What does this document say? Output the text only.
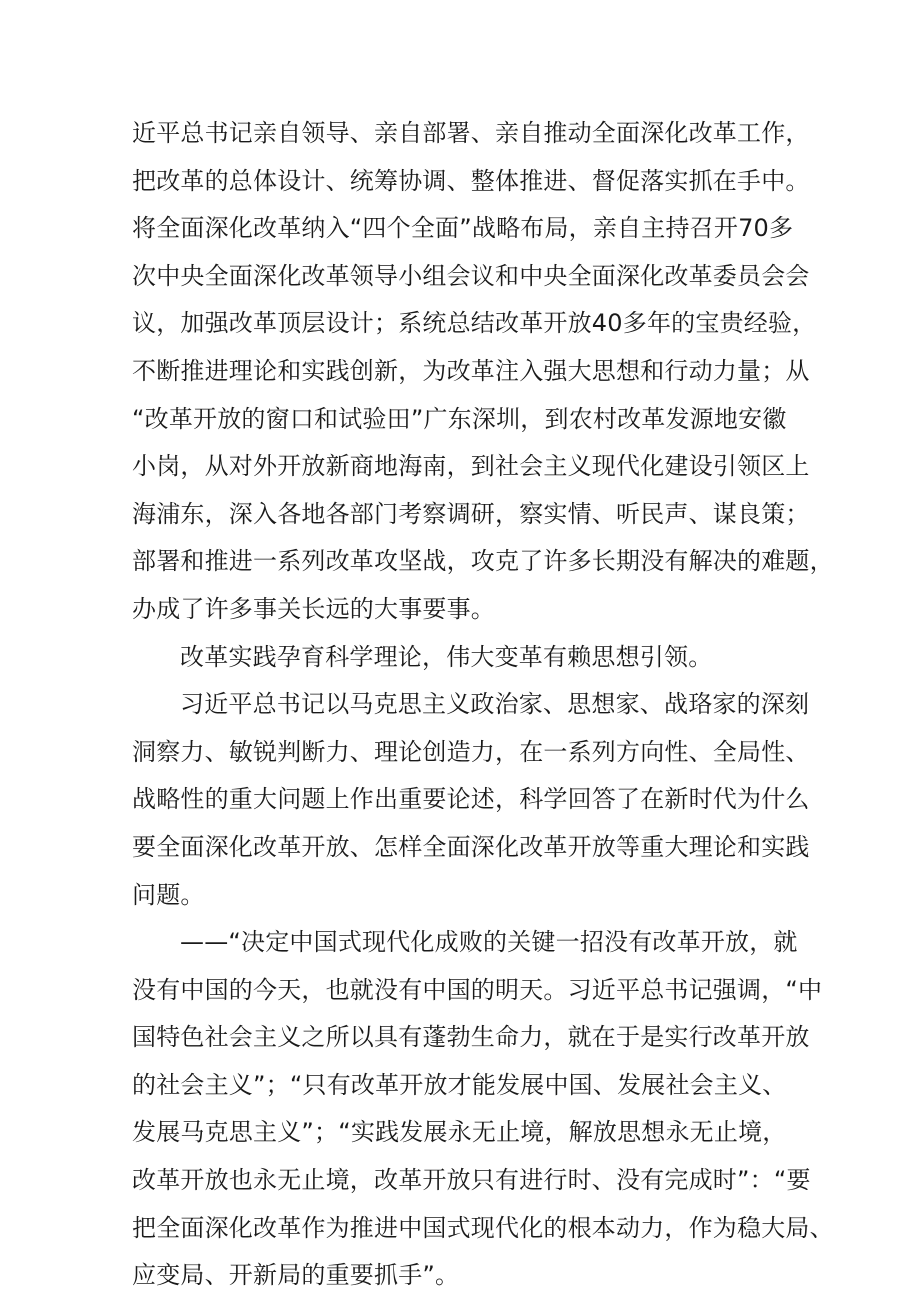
近平总书记亲自领导、亲自部署、亲自推动全面深化改革工作，
把改革的总体设计、统筹协调、整体推进、督促落实抓在手中。
将全面深化改革纳入“四个全面”战略布局，亲自主持召开70多
次中央全面深化改革领导小组会议和中央全面深化改革委员会会
议，加强改革顶层设计；系统总结改革开放40多年的宝贵经验，
不断推进理论和实践创新，为改革注入强大思想和行动力量；从
“改革开放的窗口和试验田”广东深圳，到农村改革发源地安徽
小岗，从对外开放新商地海南，到社会主义现代化建设引领区上
海浦东，深入各地各部门考察调研，察实情、听民声、谋良策；
部署和推进一系列改革攻坚战，攻克了许多长期没有解决的难题，
办成了许多事关长远的大事要事。
改革实践孕育科学理论，伟大变革有赖思想引领。
习近平总书记以马克思主义政治家、思想家、战珞家的深刻
洞察力、敏锐判断力、理论创造力，在一系列方向性、全局性、
战略性的重大问题上作出重要论述，科学回答了在新时代为什么
要全面深化改革开放、怎样全面深化改革开放等重大理论和实践
问题。
——“决定中国式现代化成败的关键一招没有改革开放，就
没有中国的今天，也就没有中国的明天。习近平总书记强调，“中
国特色社会主义之所以具有蓬勃生命力，就在于是实行改革开放
的社会主义”；“只有改革开放才能发展中国、发展社会主义、
发展马克思主义”；“实践发展永无止境，解放思想永无止境，
改革开放也永无止境，改革开放只有进行时、没有完成时”：“要
把全面深化改革作为推进中国式现代化的根本动力，作为稳大局、
应变局、开新局的重要抓手”。
